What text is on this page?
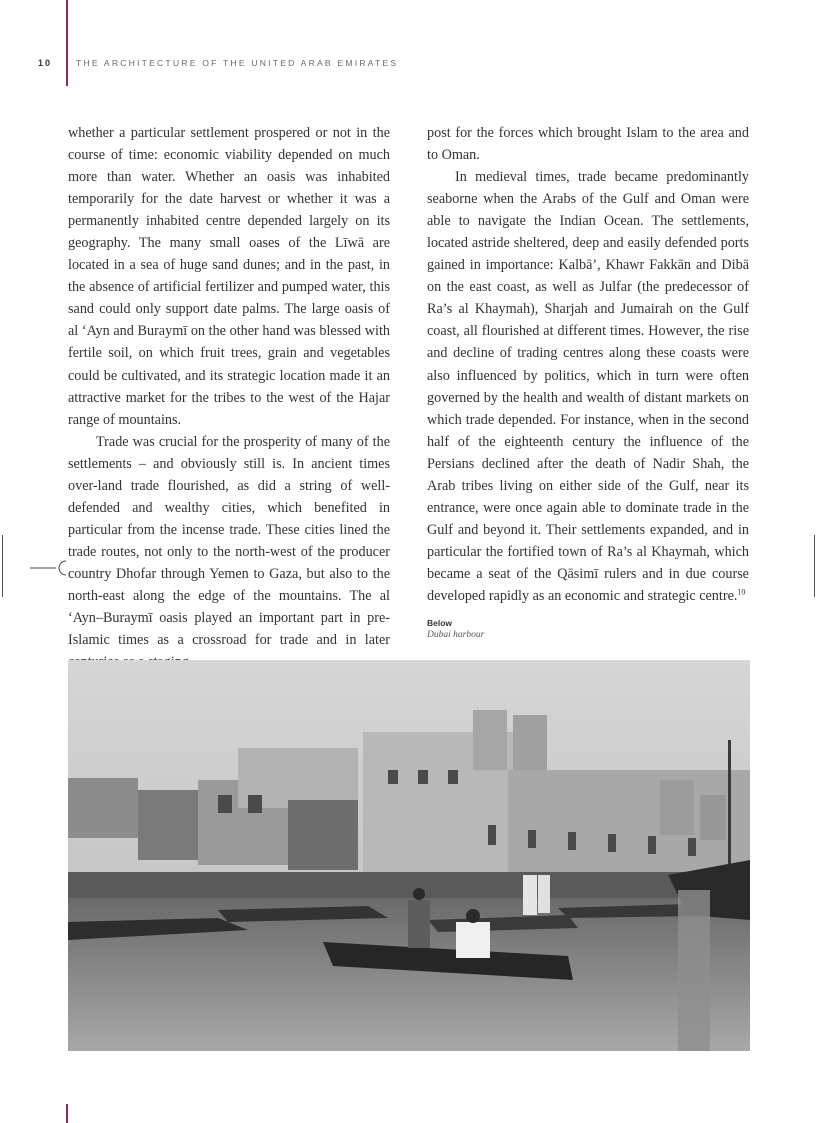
10	THE ARCHITECTURE OF THE UNITED ARAB EMIRATES

whether a particular settlement prospered or not in the course of time: economic viability depended on much more than water. Whether an oasis was inhabited temporarily for the date harvest or whether it was a permanently inhabited centre depended largely on its geography. The many small oases of the Līwā are located in a sea of huge sand dunes; and in the past, in the absence of artificial fertilizer and pumped water, this sand could only support date palms. The large oasis of al ‘Ayn and Buraymī on the other hand was blessed with fertile soil, on which fruit trees, grain and vegetables could be cultivated, and its strategic location made it an attractive market for the tribes to the west of the Hajar range of mountains.

Trade was crucial for the prosperity of many of the settlements – and obviously still is. In ancient times over-land trade flourished, as did a string of well-defended and wealthy cities, which benefited in particular from the incense trade. These cities lined the trade routes, not only to the north-west of the producer country Dhofar through Yemen to Gaza, but also to the north-east along the edge of the mountains. The al ‘Ayn–Buraymī oasis played an important part in pre-Islamic times as a crossroad for trade and in later

post for the forces which brought Islam to the area and to Oman.

In medieval times, trade became predominantly seaborne when the Arabs of the Gulf and Oman were able to navigate the Indian Ocean. The settlements, located astride sheltered, deep and easily defended ports gained in importance: Kalbā’, Khawr Fakkān and Dibā on the east coast, as well as Julfar (the predecessor of Ra’s al Khaymah), Sharjah and Jumairah on the Gulf coast, all flourished at different times. However, the rise and decline of trading centres along these coasts were also influenced by politics, which in turn were often governed by the health and wealth of distant markets on which trade depended. For instance, when in the second half of the eighteenth century the influence of the Persians declined after the death of Nadir Shah, the Arab tribes living on either side of the Gulf, near its entrance, were once again able to dominate trade in the Gulf and beyond it. Their settlements expanded, and in particular the fortified town of Ra’s al Khaymah, which became a seat of the Qāsimī rulers and in due course developed rapidly as an economic and strategic centre.$^{10}$

Below
Dubai harbour
